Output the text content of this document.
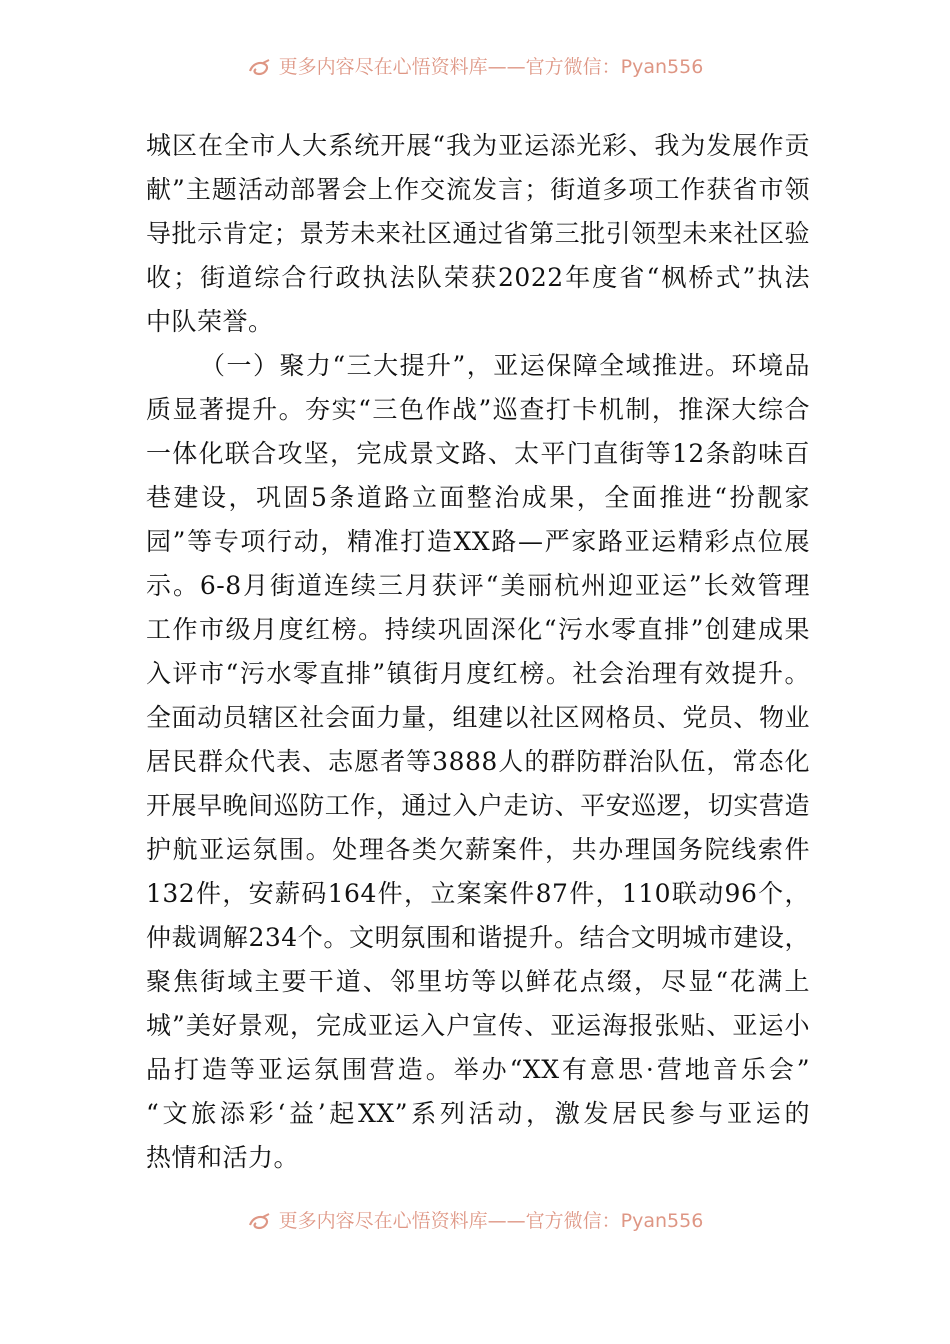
更多内容尽在心悟资料库——官方微信：Pyan556
城区在全市人大系统开展“我为亚运添光彩、我为发展作贡
献”主题活动部署会上作交流发言；街道多项工作获省市领
导批示肯定；景芳未来社区通过省第三批引领型未来社区验
收；街道综合行政执法队荣获2022年度省“枫桥式”执法
中队荣誉。
（一）聚力“三大提升”，亚运保障全域推进。环境品
质显著提升。夯实“三色作战”巡查打卡机制，推深大综合
一体化联合攻坚，完成景文路、太平门直街等12条韵味百
巷建设，巩固5条道路立面整治成果，全面推进“扮靓家
园”等专项行动，精准打造XX路—严家路亚运精彩点位展
示。6-8月街道连续三月获评“美丽杭州迎亚运”长效管理
工作市级月度红榜。持续巩固深化“污水零直排”创建成果
入评市“污水零直排”镇街月度红榜。社会治理有效提升。
全面动员辖区社会面力量，组建以社区网格员、党员、物业
居民群众代表、志愿者等3888人的群防群治队伍，常态化
开展早晚间巡防工作，通过入户走访、平安巡逻，切实营造
护航亚运氛围。处理各类欠薪案件，共办理国务院线索件
132件，安薪码164件，立案案件87件，110联动96个，
仲裁调解234个。文明氛围和谐提升。结合文明城市建设，
聚焦街域主要干道、邻里坊等以鲜花点缀，尽显“花满上
城”美好景观，完成亚运入户宣传、亚运海报张贴、亚运小
品打造等亚运氛围营造。举办“XX有意思·营地音乐会”
“文旅添彩‘益’起XX”系列活动，激发居民参与亚运的
热情和活力。
更多内容尽在心悟资料库——官方微信：Pyan556
